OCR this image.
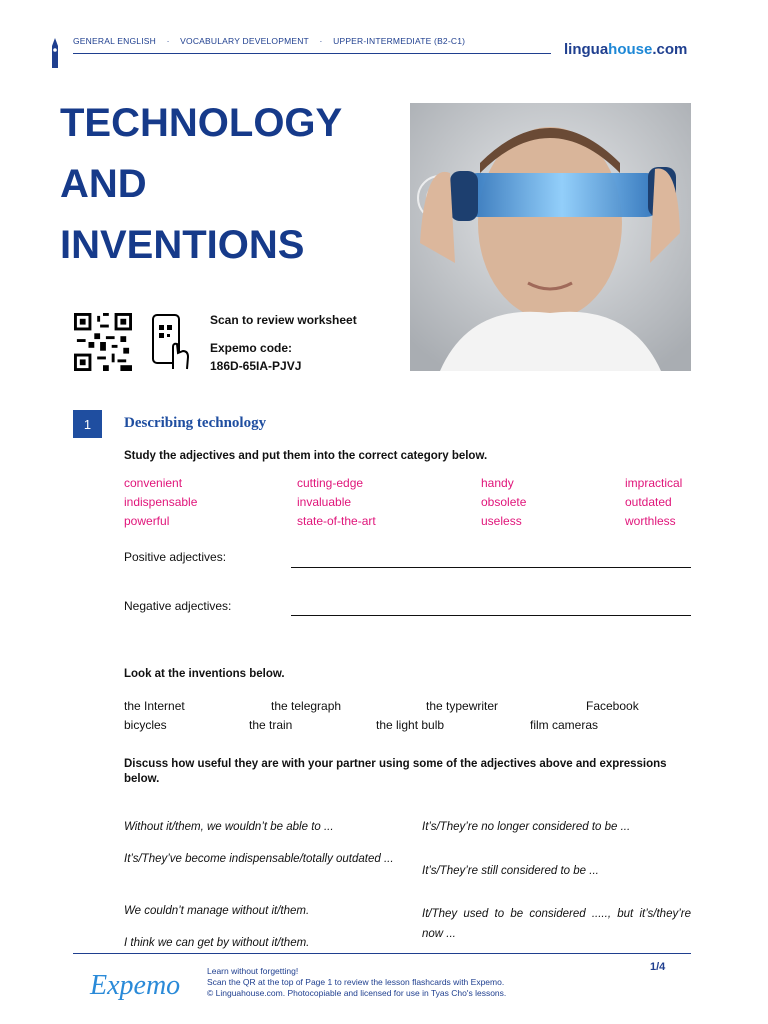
GENERAL ENGLISH · VOCABULARY DEVELOPMENT · UPPER-INTERMEDIATE (B2-C1)	linguahouse.com
TECHNOLOGY
AND
INVENTIONS
Scan to review worksheet
Expemo code:
186D-65IA-PJVJ
1	Describing technology
Study the adjectives and put them into the correct category below.
convenient	cutting-edge	handy	impractical
indispensable	invaluable	obsolete	outdated
powerful	state-of-the-art	useless	worthless
Positive adjectives:
Negative adjectives:
Look at the inventions below.
the Internet	the telegraph	the typewriter	Facebook
bicycles	the train	the light bulb	film cameras
Discuss how useful they are with your partner using some of the adjectives above and expressions below.
Without it/them, we wouldn’t be able to ...
It’s/They’ve become indispensable/totally outdated ...
We couldn’t manage without it/them.
I think we can get by without it/them.
It’s/They’re no longer considered to be ...
It’s/They’re still considered to be ...
It/They used to be considered ....., but it’s/they’re now ...
Expemo	Learn without forgetting!
Scan the QR at the top of Page 1 to review the lesson flashcards with Expemo.
© Linguahouse.com. Photocopiable and licensed for use in Tyas Cho's lessons.
1/4
